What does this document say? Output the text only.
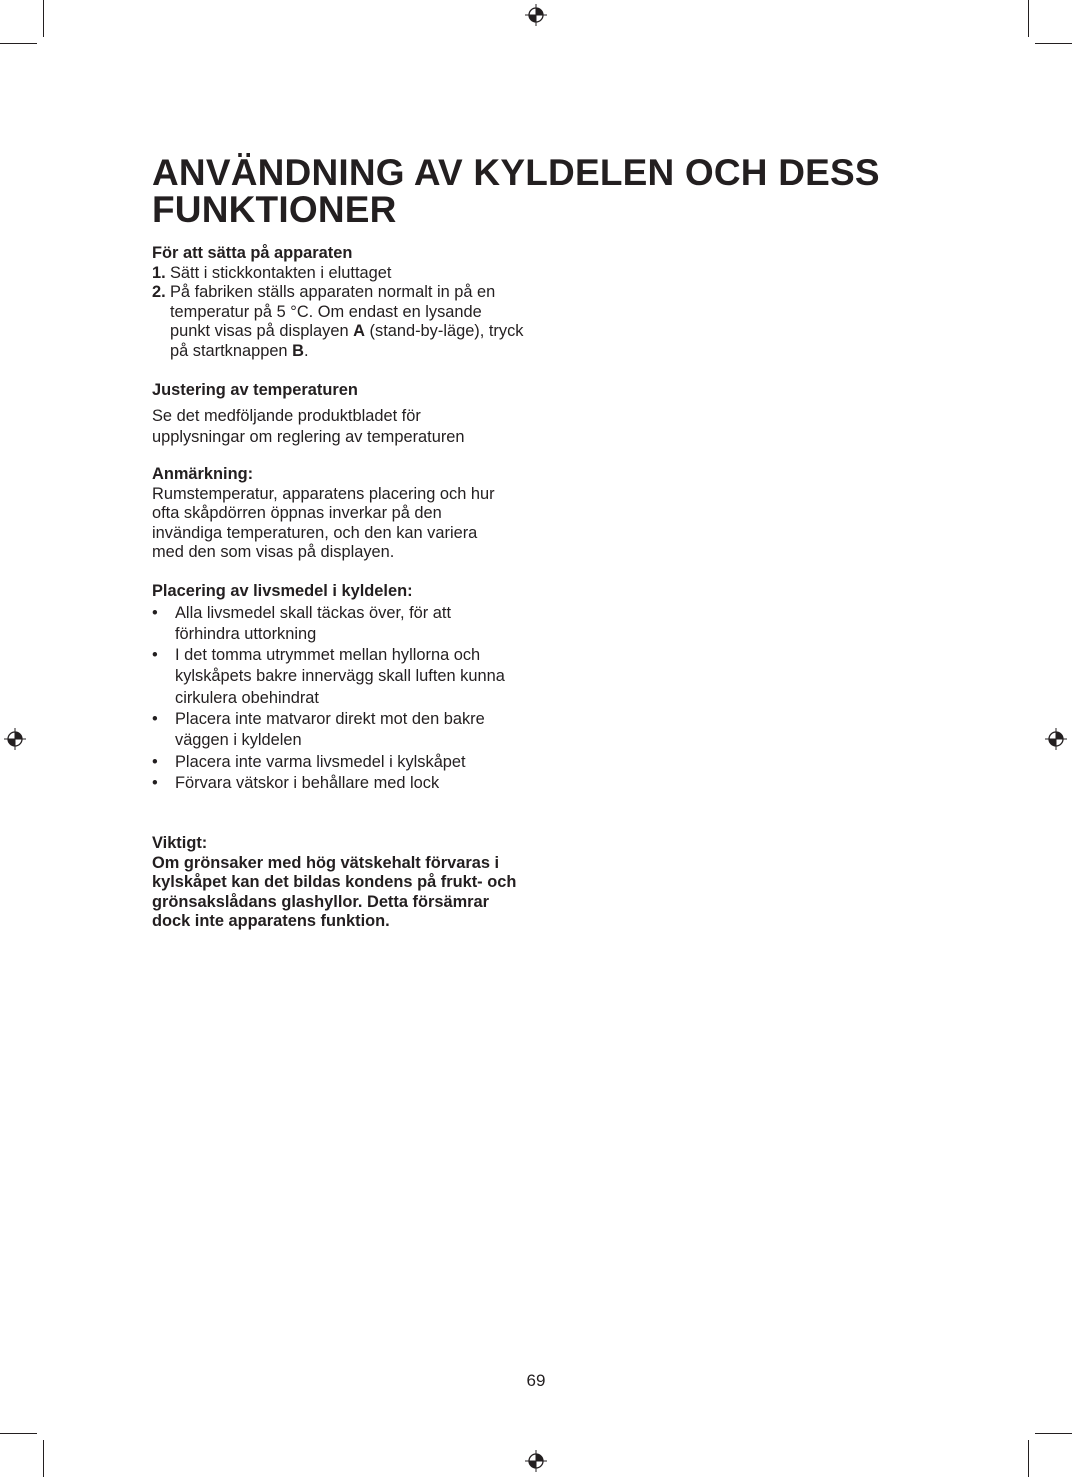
ANVÄNDNING AV KYLDELEN OCH DESS FUNKTIONER
För att sätta på apparaten
1. Sätt i stickkontakten i eluttaget
2. På fabriken ställs apparaten normalt in på en temperatur på 5 °C. Om endast en lysande punkt visas på displayen A (stand-by-läge), tryck på startknappen B.
Justering av temperaturen
Se det medföljande produktbladet för upplysningar om reglering av temperaturen
Anmärkning:
Rumstemperatur, apparatens placering och hur ofta skåpdörren öppnas inverkar på den invändiga temperaturen, och den kan variera med den som visas på displayen.
Placering av livsmedel i kyldelen:
•	Alla livsmedel skall täckas över, för att förhindra uttorkning
•	I det tomma utrymmet mellan hyllorna och kylskåpets bakre innervägg skall luften kunna cirkulera obehindrat
•	Placera inte matvaror direkt mot den bakre väggen i kyldelen
•	Placera inte varma livsmedel i kylskåpet
•	Förvara vätskor i behållare med lock
Viktigt:
Om grönsaker med hög vätskehalt förvaras i kylskåpet kan det bildas kondens på frukt- och grönsakslådans glashyllor. Detta försämrar dock inte apparatens funktion.
69
